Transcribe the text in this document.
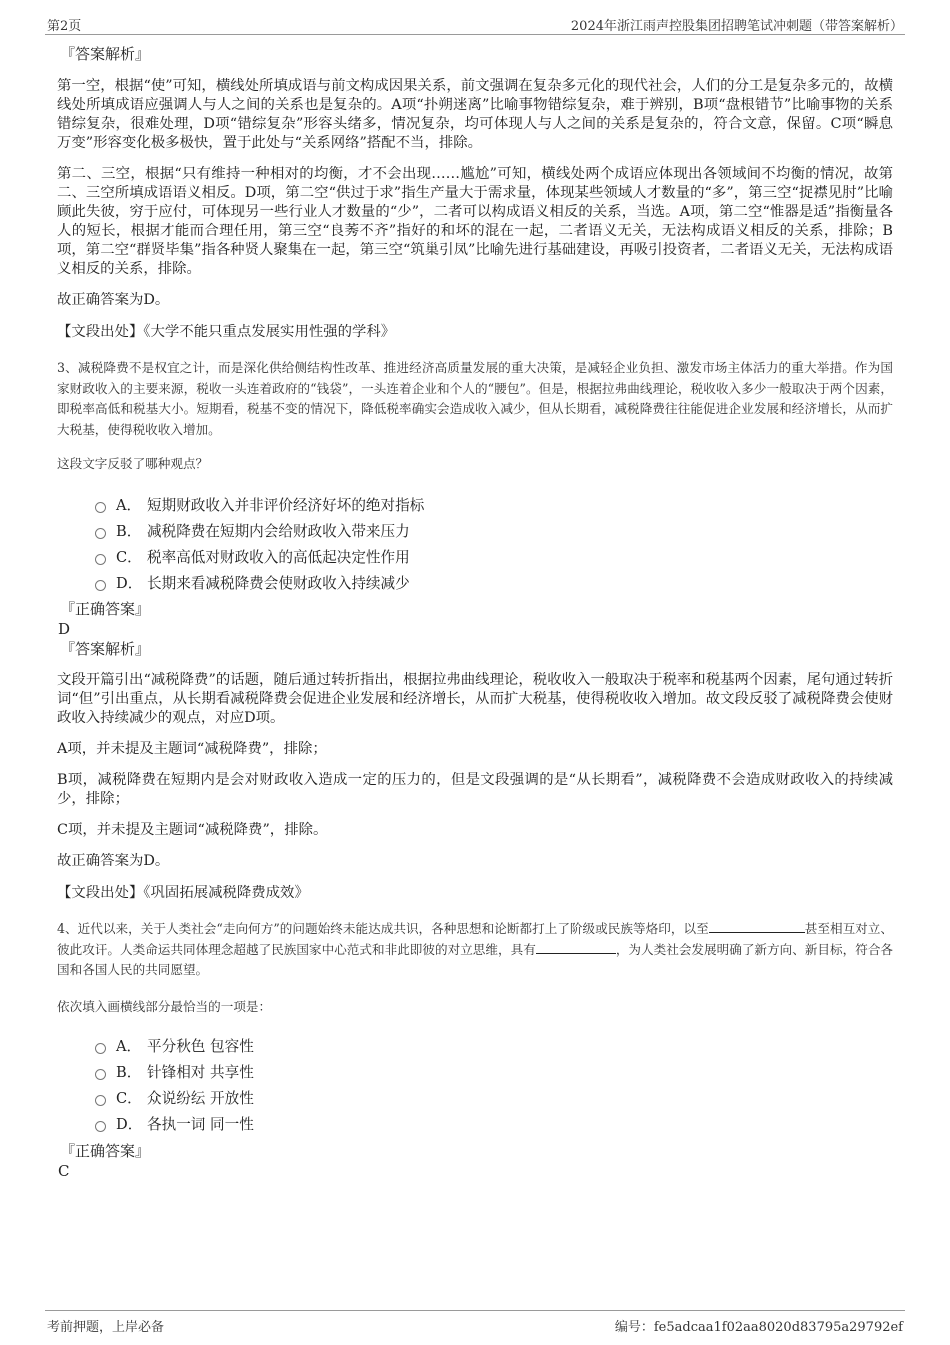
第2页	2024年浙江雨声控股集团招聘笔试冲刺题（带答案解析）

『答案解析』

第一空，根据“使”可知，横线处所填成语与前文构成因果关系，前文强调在复杂多元化的现代社会，人们的分工是复杂多元的，故横线处所填成语应强调人与人之间的关系也是复杂的。A项“扑朔迷离”比喻事物错综复杂，难于辨别，B项“盘根错节”比喻事物的关系错综复杂，很难处理，D项“错综复杂”形容头绪多，情况复杂，均可体现人与人之间的关系是复杂的，符合文意，保留。C项“瞬息万变”形容变化极多极快，置于此处与“关系网络”搭配不当，排除。

第二、三空，根据“只有维持一种相对的均衡，才不会出现……尴尬”可知，横线处两个成语应体现出各领域间不均衡的情况，故第二、三空所填成语语义相反。D项，第二空“供过于求”指生产量大于需求量，体现某些领域人才数量的“多”，第三空“捉襟见肘”比喻顾此失彼，穷于应付，可体现另一些行业人才数量的“少”，二者可以构成语义相反的关系，当选。A项，第二空“惟器是适”指衡量各人的短长，根据才能而合理任用，第三空“良莠不齐”指好的和坏的混在一起，二者语义无关，无法构成语义相反的关系，排除；B项，第二空“群贤毕集”指各种贤人聚集在一起，第三空“筑巢引凤”比喻先进行基础建设，再吸引投资者，二者语义无关，无法构成语义相反的关系，排除。

故正确答案为D。

【文段出处】《大学不能只重点发展实用性强的学科》

3、减税降费不是权宜之计，而是深化供给侧结构性改革、推进经济高质量发展的重大决策，是减轻企业负担、激发市场主体活力的重大举措。作为国家财政收入的主要来源，税收一头连着政府的“钱袋”，一头连着企业和个人的“腰包”。但是，根据拉弗曲线理论，税收收入多少一般取决于两个因素，即税率高低和税基大小。短期看，税基不变的情况下，降低税率确实会造成收入减少，但从长期看，减税降费往往能促进企业发展和经济增长，从而扩大税基，使得税收收入增加。

这段文字反驳了哪种观点？

A． 短期财政收入并非评价经济好坏的绝对指标
B． 减税降费在短期内会给财政收入带来压力
C． 税率高低对财政收入的高低起决定性作用
D． 长期来看减税降费会使财政收入持续减少

『正确答案』

D

『答案解析』

文段开篇引出“减税降费”的话题，随后通过转折指出，根据拉弗曲线理论，税收收入一般取决于税率和税基两个因素，尾句通过转折词“但”引出重点，从长期看减税降费会促进企业发展和经济增长，从而扩大税基，使得税收收入增加。故文段反驳了减税降费会使财政收入持续减少的观点，对应D项。

A项，并未提及主题词“减税降费”，排除；

B项，减税降费在短期内是会对财政收入造成一定的压力的，但是文段强调的是“从长期看”，减税降费不会造成财政收入的持续减少，排除；

C项，并未提及主题词“减税降费”，排除。

故正确答案为D。

【文段出处】《巩固拓展减税降费成效》

4、近代以来，关于人类社会“走向何方”的问题始终未能达成共识，各种思想和论断都打上了阶级或民族等烙印，以至	甚至相互对立、彼此攻讦。人类命运共同体理念超越了民族国家中心范式和非此即彼的对立思维，具有	，为人类社会发展明确了新方向、新目标，符合各国和各国人民的共同愿望。

依次填入画横线部分最恰当的一项是：

A． 平分秋色 包容性
B． 针锋相对 共享性
C． 众说纷纭 开放性
D． 各执一词 同一性

『正确答案』

C

考前押题，上岸必备	编号：fe5adcaa1f02aa8020d83795a29792ef
